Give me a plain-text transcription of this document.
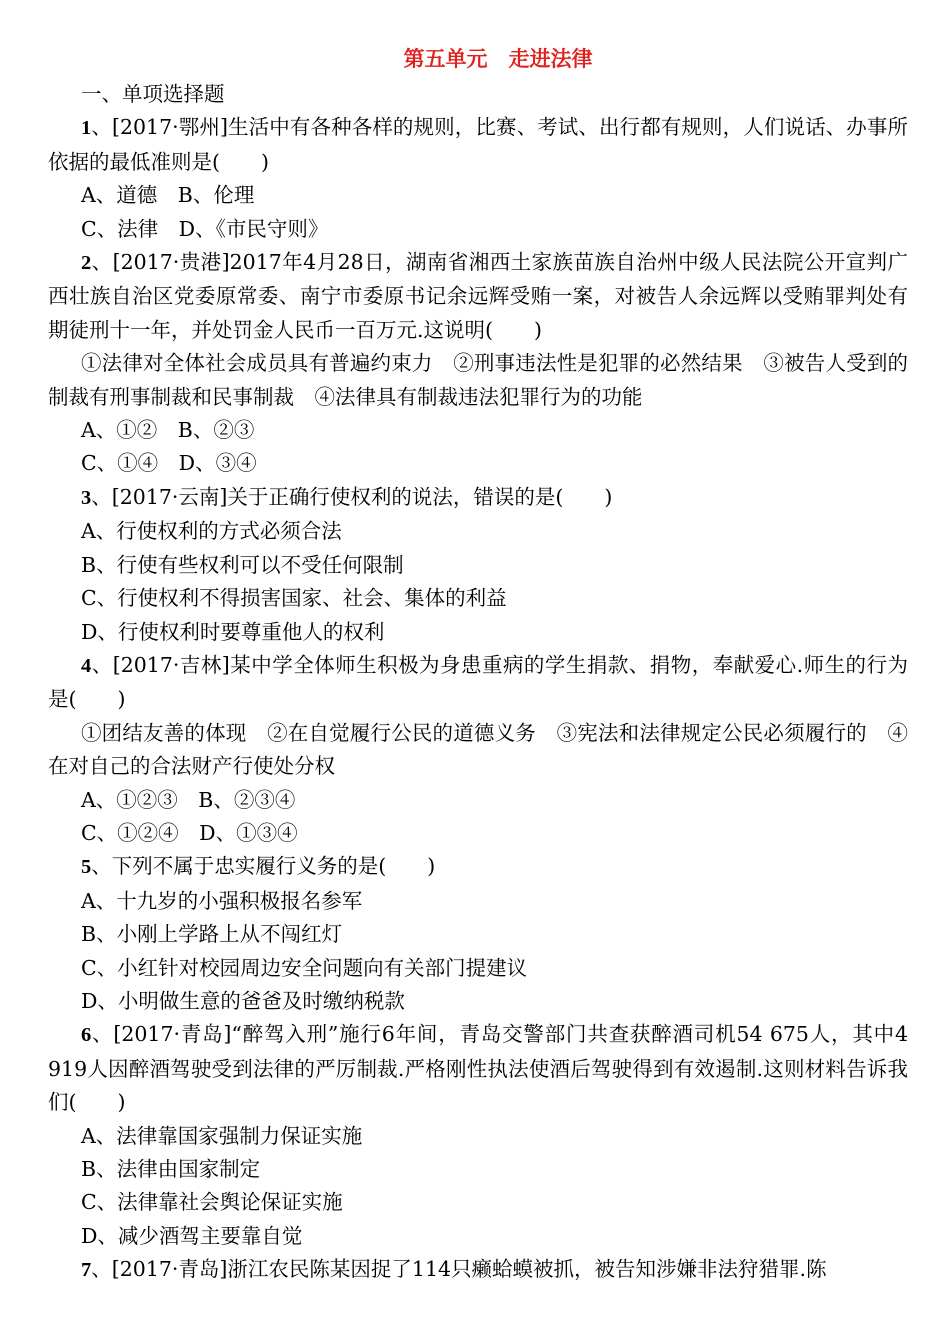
第五单元　走进法律
一、单项选择题
1、[2017·鄂州]生活中有各种各样的规则，比赛、考试、出行都有规则，人们说话、办事所依据的最低准则是(　　)
A、道德　B、伦理
C、法律　D、《市民守则》
2、[2017·贵港]2017年4月28日，湖南省湘西土家族苗族自治州中级人民法院公开宣判广西壮族自治区党委原常委、南宁市委原书记余远辉受贿一案，对被告人余远辉以受贿罪判处有期徒刑十一年，并处罚金人民币一百万元.这说明(　　)
①法律对全体社会成员具有普遍约束力　②刑事违法性是犯罪的必然结果　③被告人受到的制裁有刑事制裁和民事制裁　④法律具有制裁违法犯罪行为的功能
A、①②　B、②③
C、①④　D、③④
3、[2017·云南]关于正确行使权利的说法，错误的是(　　)
A、行使权利的方式必须合法
B、行使有些权利可以不受任何限制
C、行使权利不得损害国家、社会、集体的利益
D、行使权利时要尊重他人的权利
4、[2017·吉林]某中学全体师生积极为身患重病的学生捐款、捐物，奉献爱心.师生的行为是(　　)
①团结友善的体现　②在自觉履行公民的道德义务　③宪法和法律规定公民必须履行的　④在对自己的合法财产行使处分权
A、①②③　B、②③④
C、①②④　D、①③④
5、下列不属于忠实履行义务的是(　　)
A、十九岁的小强积极报名参军
B、小刚上学路上从不闯红灯
C、小红针对校园周边安全问题向有关部门提建议
D、小明做生意的爸爸及时缴纳税款
6、[2017·青岛]“醉驾入刑”施行6年间，青岛交警部门共查获醉酒司机54 675人，其中4 919人因醉酒驾驶受到法律的严厉制裁.严格刚性执法使酒后驾驶得到有效遏制.这则材料告诉我们(　　)
A、法律靠国家强制力保证实施
B、法律由国家制定
C、法律靠社会舆论保证实施
D、减少酒驾主要靠自觉
7、[2017·青岛]浙江农民陈某因捉了114只癞蛤蟆被抓，被告知涉嫌非法狩猎罪.陈
